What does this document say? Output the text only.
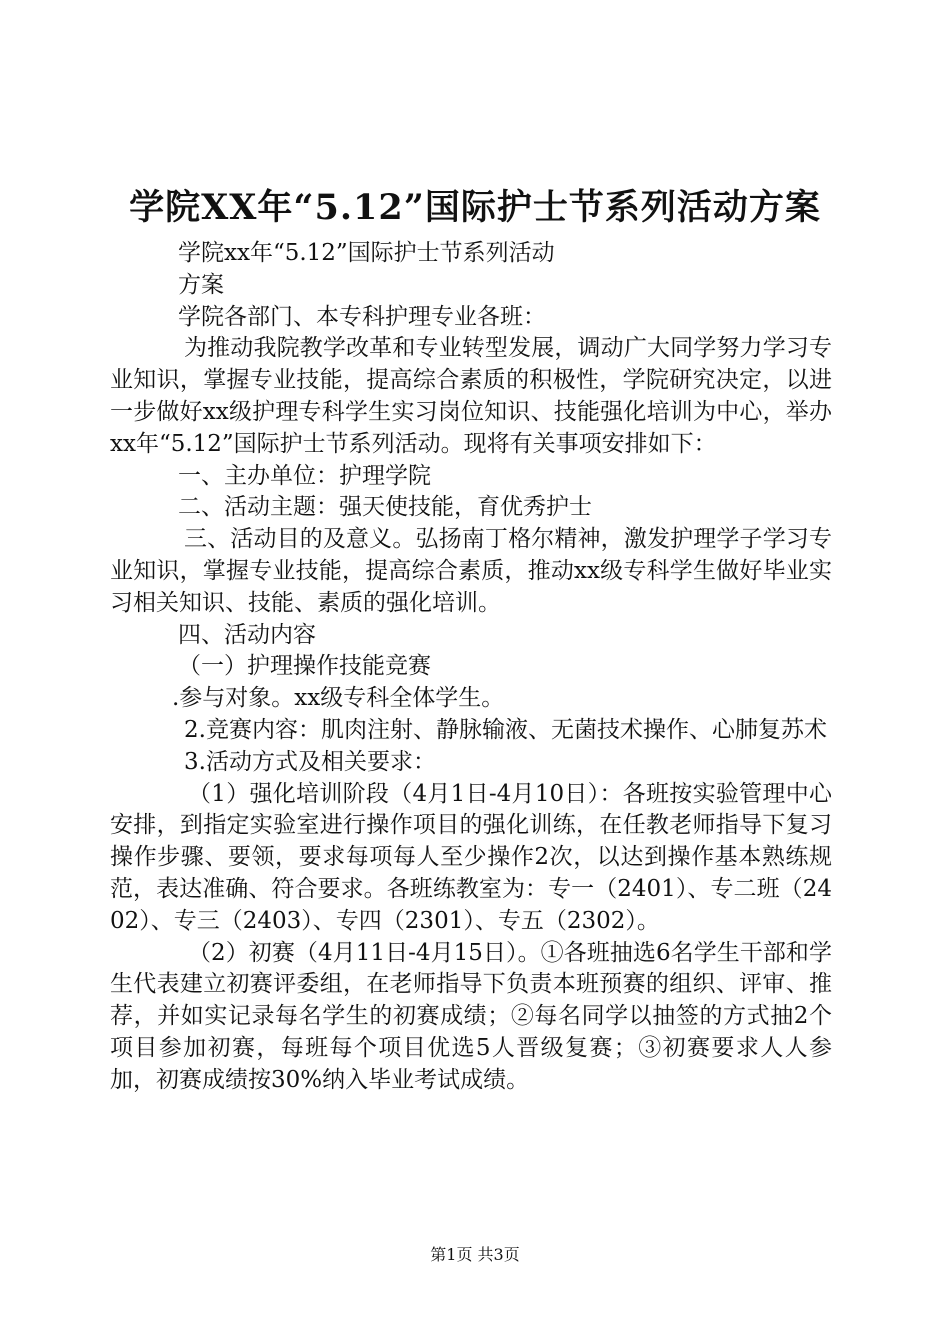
学院XX年“5.12”国际护士节系列活动方案

学院xx年“5.12”国际护士节系列活动

方案

学院各部门、本专科护理专业各班：

为推动我院教学改革和专业转型发展，调动广大同学努力学习专业知识，掌握专业技能，提高综合素质的积极性，学院研究决定，以进一步做好xx级护理专科学生实习岗位知识、技能强化培训为中心，举办xx年“5.12”国际护士节系列活动。现将有关事项安排如下：

一、主办单位：护理学院

二、活动主题：强天使技能，育优秀护士

三、活动目的及意义。弘扬南丁格尔精神，激发护理学子学习专业知识，掌握专业技能，提高综合素质，推动xx级专科学生做好毕业实习相关知识、技能、素质的强化培训。

四、活动内容

（一）护理操作技能竞赛

.参与对象。xx级专科全体学生。

2.竞赛内容：肌肉注射、静脉输液、无菌技术操作、心肺复苏术

3.活动方式及相关要求：

（1）强化培训阶段（4月1日-4月10日）：各班按实验管理中心安排，到指定实验室进行操作项目的强化训练，在任教老师指导下复习操作步骤、要领，要求每项每人至少操作2次，以达到操作基本熟练规范，表达准确、符合要求。各班练教室为：专一（2401）、专二班（2402）、专三（2403）、专四（2301）、专五（2302）。

（2）初赛（4月11日-4月15日）。①各班抽选6名学生干部和学生代表建立初赛评委组，在老师指导下负责本班预赛的组织、评审、推荐，并如实记录每名学生的初赛成绩；②每名同学以抽签的方式抽2个项目参加初赛，每班每个项目优选5人晋级复赛；③初赛要求人人参加，初赛成绩按30%纳入毕业考试成绩。

第1页 共3页
